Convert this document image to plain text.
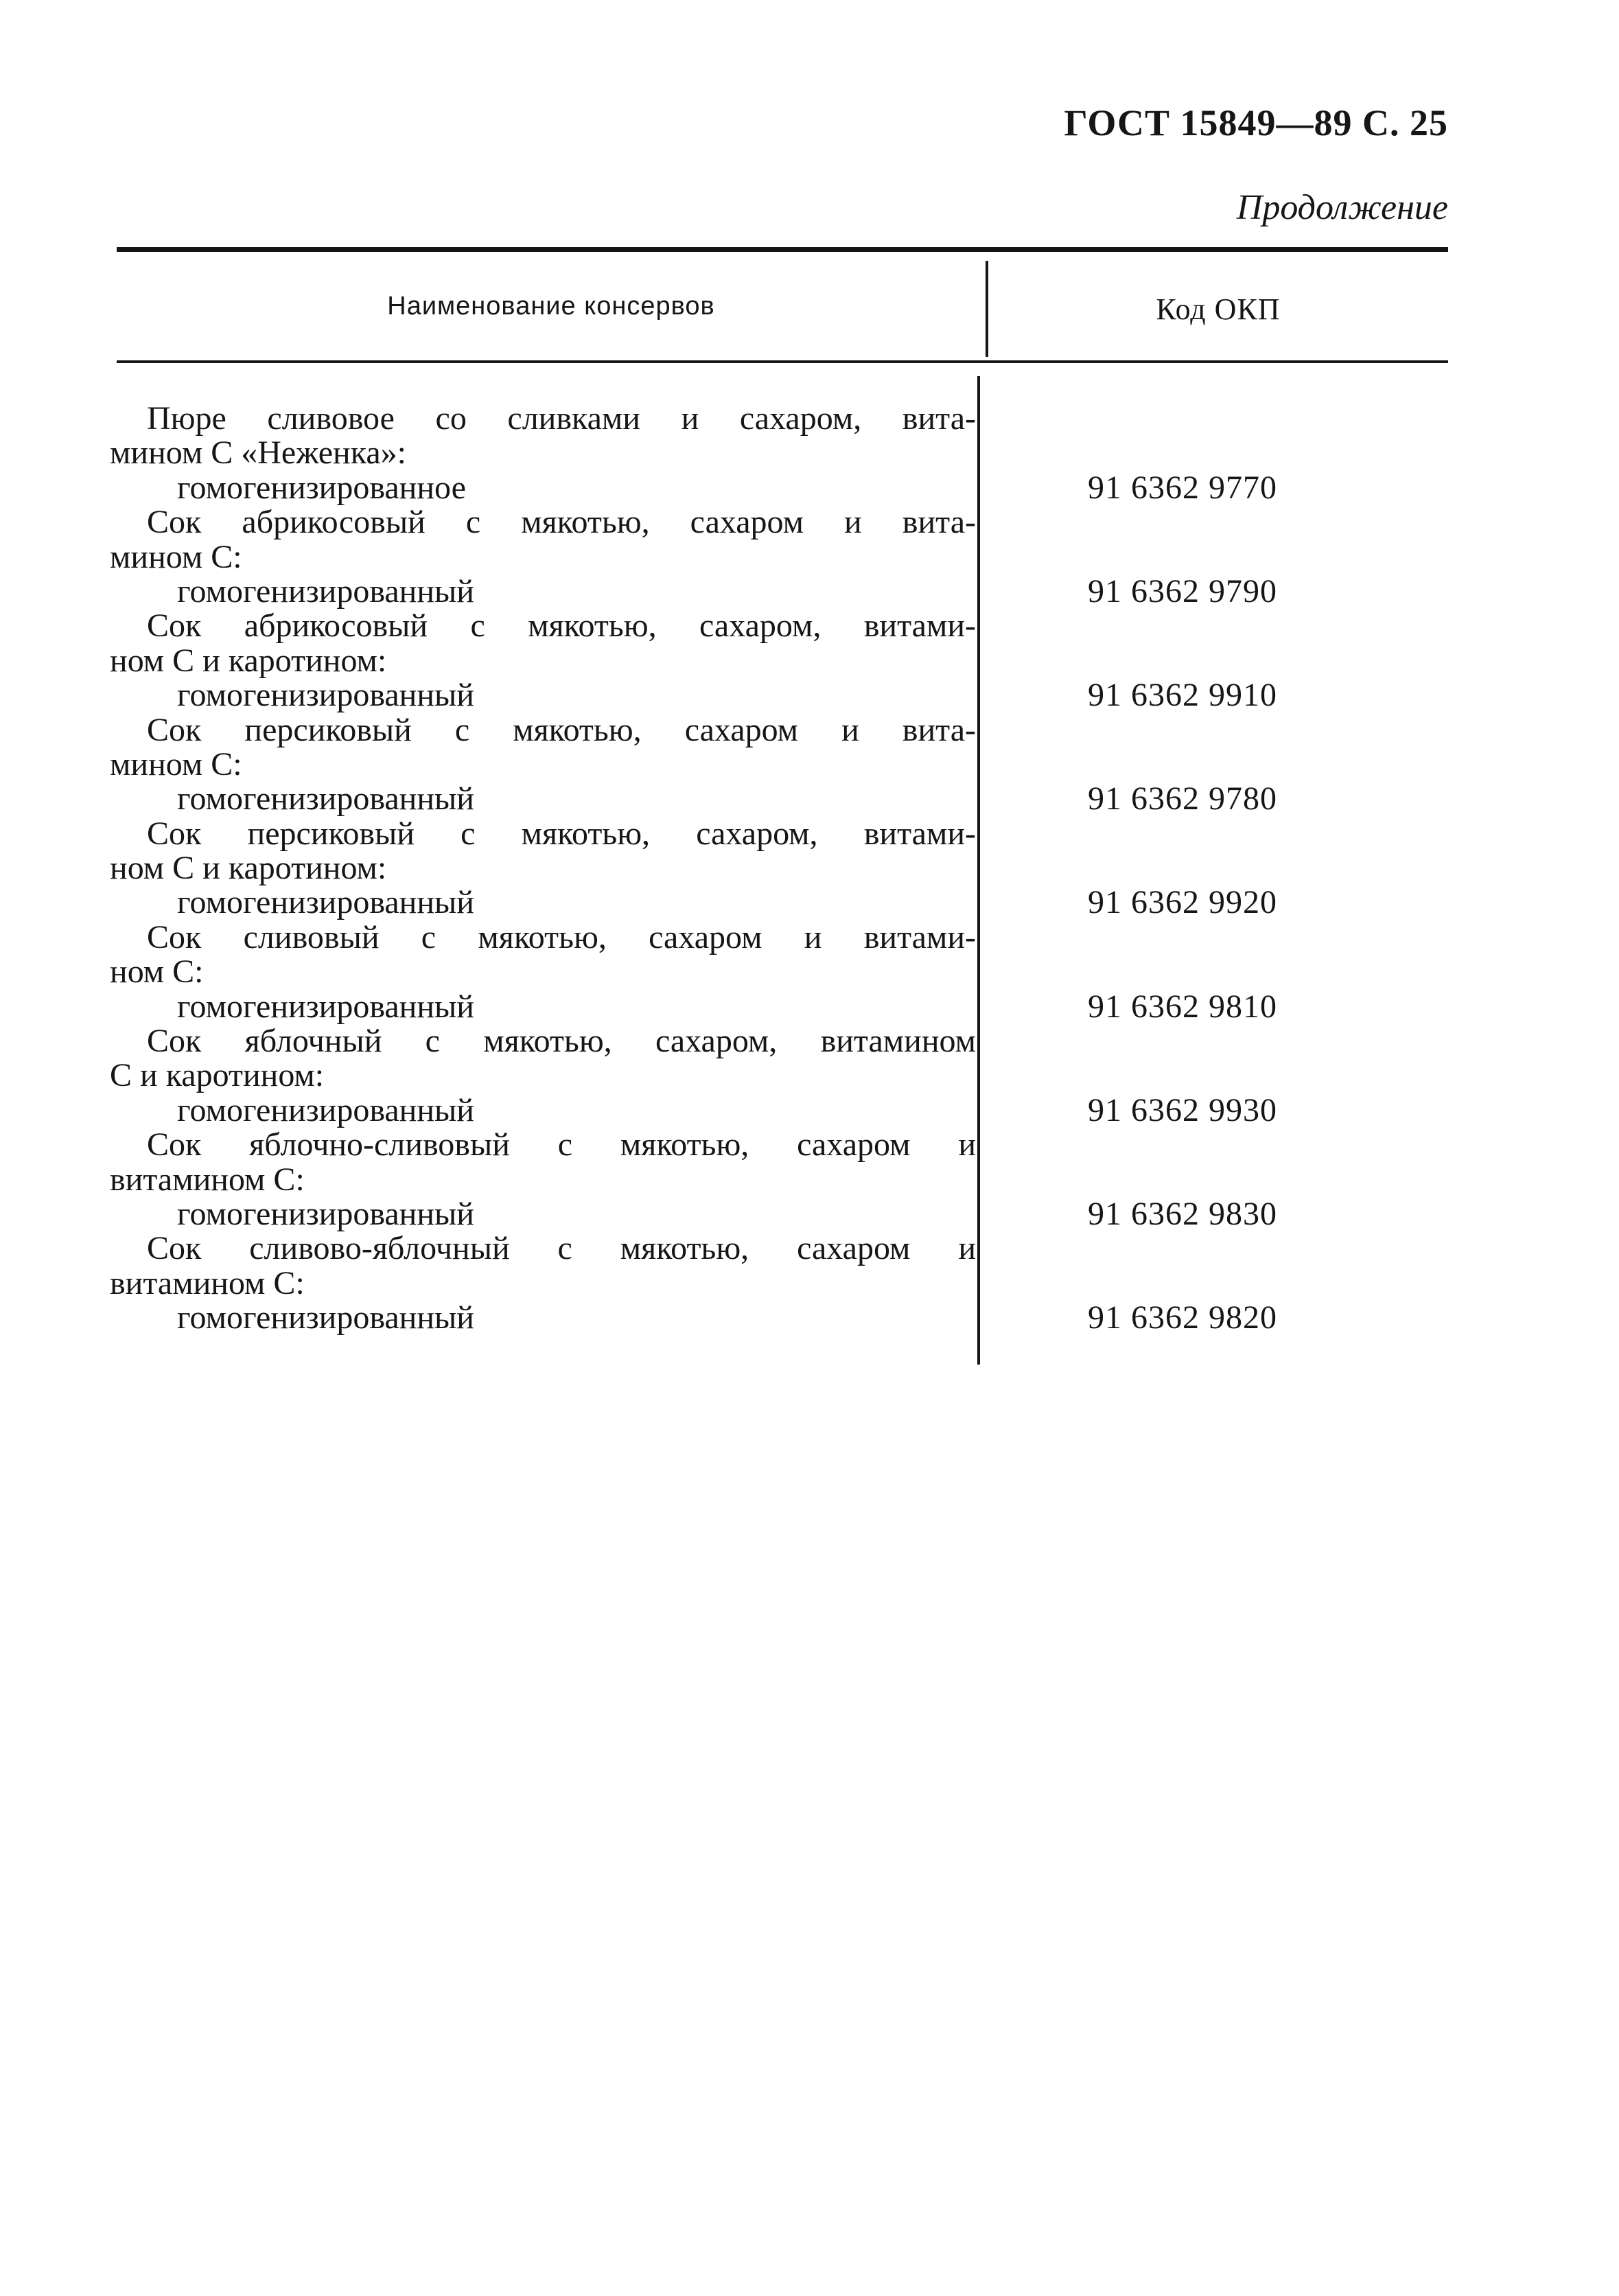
ГОСТ 15849—89 С. 25
Продолжение
Наименование консервов	Код ОКП
Пюре сливовое со сливками и сахаром, вита-
мином С «Неженка»:
гомогенизированное	91 6362 9770
Сок абрикосовый с мякотью, сахаром и вита-
мином С:
гомогенизированный	91 6362 9790
Сок абрикосовый с мякотью, сахаром, витами-
ном С и каротином:
гомогенизированный	91 6362 9910
Сок персиковый с мякотью, сахаром и вита-
мином С:
гомогенизированный	91 6362 9780
Сок персиковый с мякотью, сахаром, витами-
ном С и каротином:
гомогенизированный	91 6362 9920
Сок сливовый с мякотью, сахаром и витами-
ном С:
гомогенизированный	91 6362 9810
Сок яблочный с мякотью, сахаром, витамином
С и каротином:
гомогенизированный	91 6362 9930
Сок яблочно-сливовый с мякотью, сахаром и
витамином С:
гомогенизированный	91 6362 9830
Сок сливово-яблочный с мякотью, сахаром и
витамином С:
гомогенизированный	91 6362 9820
